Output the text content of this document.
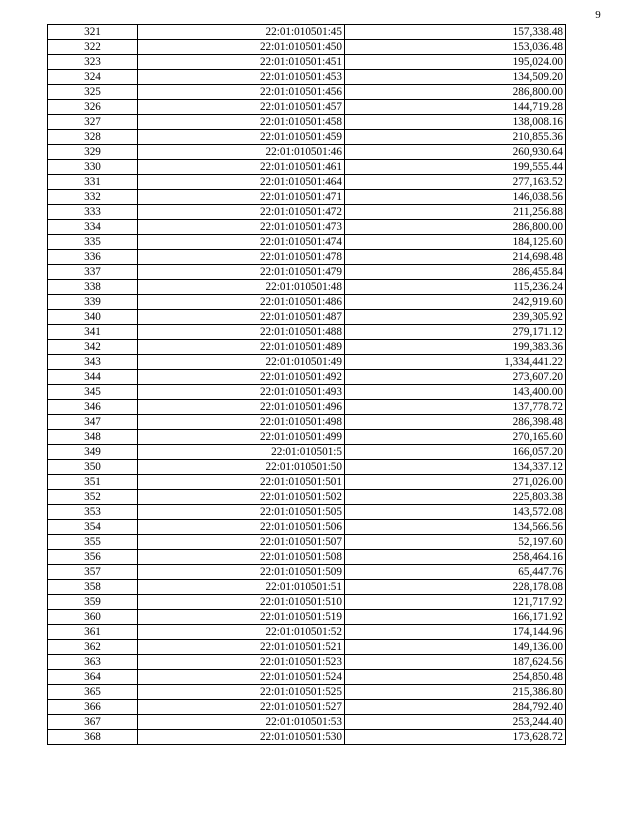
9
321	22:01:010501:45	157,338.48
322	22:01:010501:450	153,036.48
323	22:01:010501:451	195,024.00
324	22:01:010501:453	134,509.20
325	22:01:010501:456	286,800.00
326	22:01:010501:457	144,719.28
327	22:01:010501:458	138,008.16
328	22:01:010501:459	210,855.36
329	22:01:010501:46	260,930.64
330	22:01:010501:461	199,555.44
331	22:01:010501:464	277,163.52
332	22:01:010501:471	146,038.56
333	22:01:010501:472	211,256.88
334	22:01:010501:473	286,800.00
335	22:01:010501:474	184,125.60
336	22:01:010501:478	214,698.48
337	22:01:010501:479	286,455.84
338	22:01:010501:48	115,236.24
339	22:01:010501:486	242,919.60
340	22:01:010501:487	239,305.92
341	22:01:010501:488	279,171.12
342	22:01:010501:489	199,383.36
343	22:01:010501:49	1,334,441.22
344	22:01:010501:492	273,607.20
345	22:01:010501:493	143,400.00
346	22:01:010501:496	137,778.72
347	22:01:010501:498	286,398.48
348	22:01:010501:499	270,165.60
349	22:01:010501:5	166,057.20
350	22:01:010501:50	134,337.12
351	22:01:010501:501	271,026.00
352	22:01:010501:502	225,803.38
353	22:01:010501:505	143,572.08
354	22:01:010501:506	134,566.56
355	22:01:010501:507	52,197.60
356	22:01:010501:508	258,464.16
357	22:01:010501:509	65,447.76
358	22:01:010501:51	228,178.08
359	22:01:010501:510	121,717.92
360	22:01:010501:519	166,171.92
361	22:01:010501:52	174,144.96
362	22:01:010501:521	149,136.00
363	22:01:010501:523	187,624.56
364	22:01:010501:524	254,850.48
365	22:01:010501:525	215,386.80
366	22:01:010501:527	284,792.40
367	22:01:010501:53	253,244.40
368	22:01:010501:530	173,628.72
